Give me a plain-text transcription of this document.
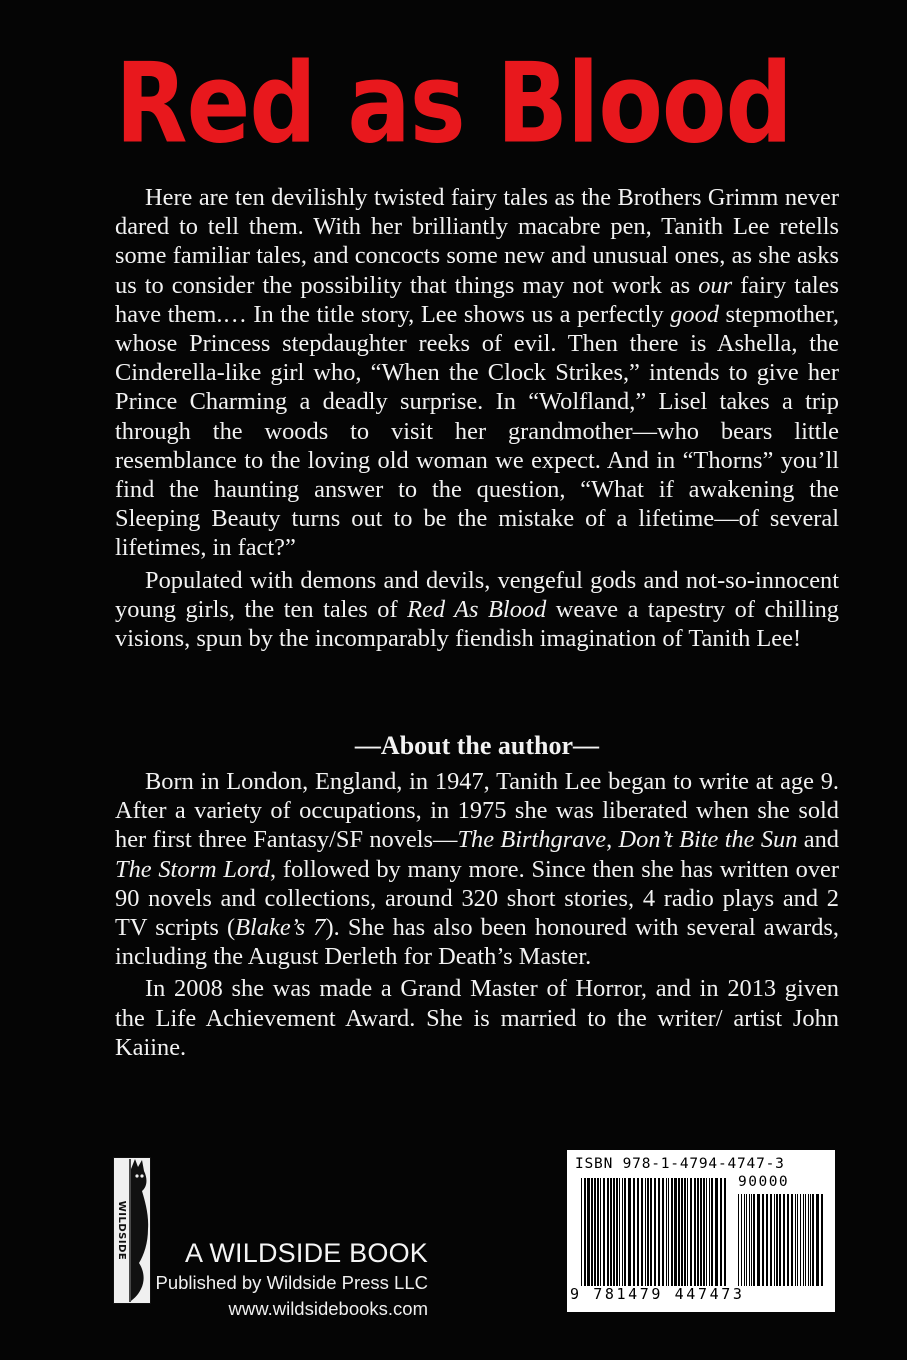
Red as Blood

Here are ten devilishly twisted fairy tales as the Brothers Grimm never dared to tell them. With her brilliantly macabre pen, Tanith Lee retells some familiar tales, and concocts some new and unusual ones, as she asks us to consider the possibility that things may not work as our fairy tales have them.… In the title story, Lee shows us a perfectly good stepmother, whose Princess stepdaughter reeks of evil. Then there is Ashella, the Cinderella-like girl who, “When the Clock Strikes,” intends to give her Prince Charming a deadly surprise. In “Wolfland,” Lisel takes a trip through the woods to visit her grandmother—who bears little resemblance to the loving old woman we expect. And in “Thorns” you’ll find the haunting answer to the question, “What if awakening the Sleeping Beauty turns out to be the mistake of a lifetime—of several lifetimes, in fact?”

Populated with demons and devils, vengeful gods and not-so-innocent young girls, the ten tales of Red As Blood weave a tapestry of chilling visions, spun by the incomparably fiendish imagination of Tanith Lee!

—About the author—

Born in London, England, in 1947, Tanith Lee began to write at age 9. After a variety of occupations, in 1975 she was liberated when she sold her first three Fantasy/SF novels—The Birthgrave, Don’t Bite the Sun and The Storm Lord, followed by many more. Since then she has written over 90 novels and collections, around 320 short stories, 4 radio plays and 2 TV scripts (Blake’s 7). She has also been honoured with several awards, including the August Derleth for Death’s Master.

In 2008 she was made a Grand Master of Horror, and in 2013 given the Life Achievement Award. She is married to the writer/ artist John Kaiine.

WILDSIDE	A WILDSIDE BOOK
Published by Wildside Press LLC
www.wildsidebooks.com
ISBN 978-1-4794-4747-3
90000
9 781479 447473
